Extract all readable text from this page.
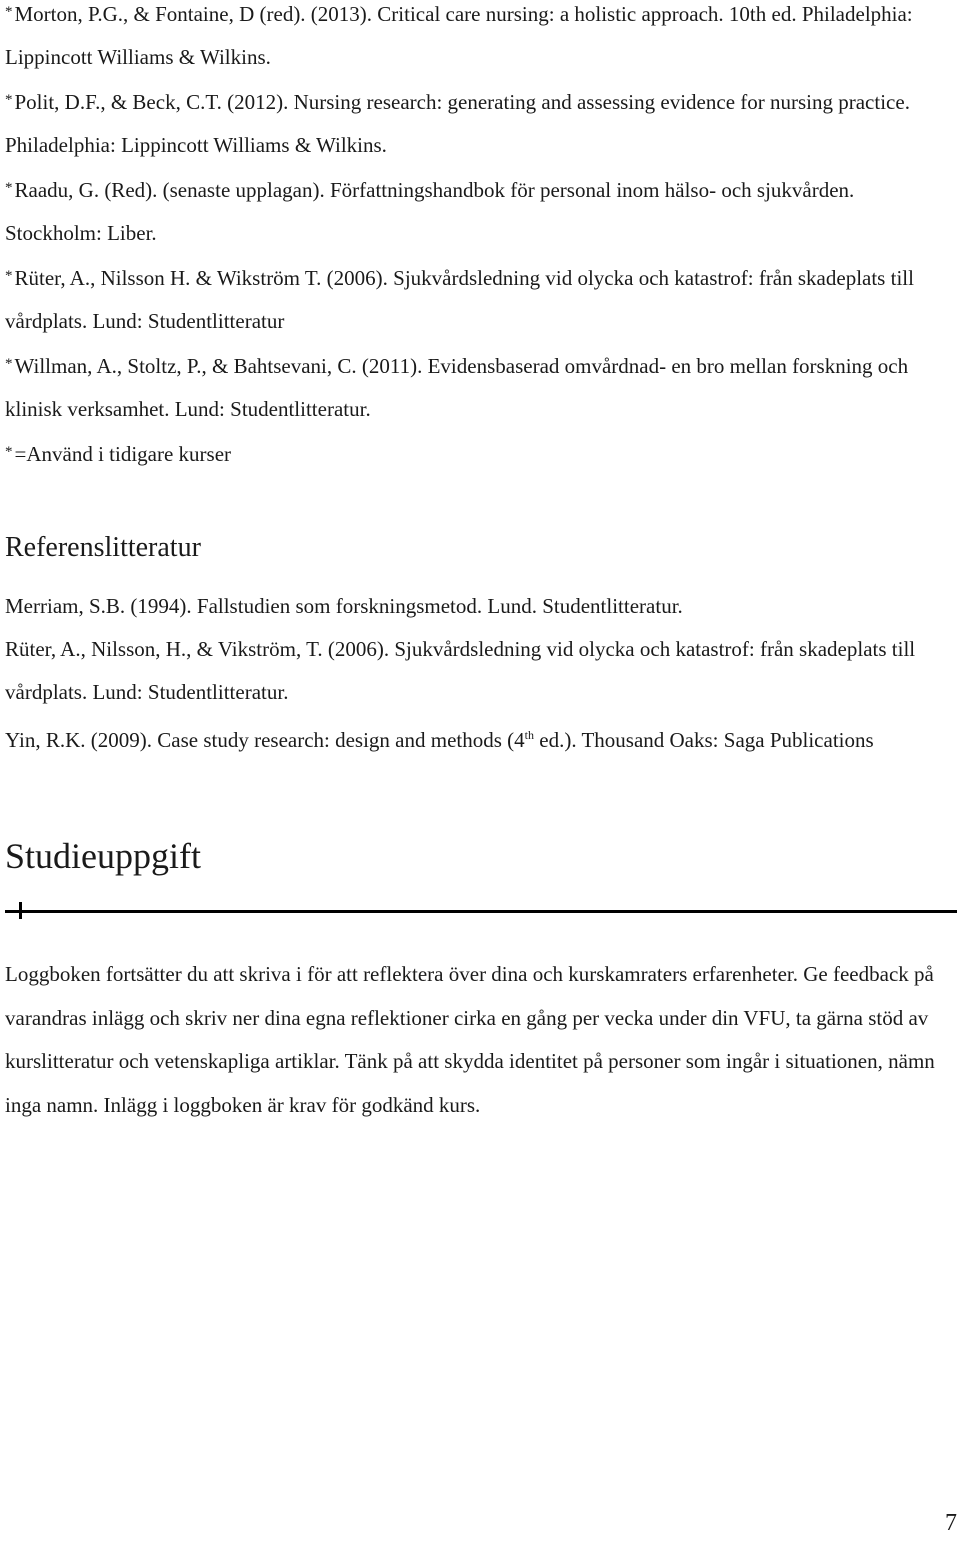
*Morton, P.G., & Fontaine, D (red). (2013). Critical care nursing: a holistic approach. 10th ed. Philadelphia: Lippincott Williams & Wilkins.

*Polit, D.F., & Beck, C.T. (2012). Nursing research: generating and assessing evidence for nursing practice. Philadelphia: Lippincott Williams & Wilkins.

*Raadu, G. (Red). (senaste upplagan). Författningshandbok för personal inom hälso- och sjukvården. Stockholm: Liber.

*Rüter, A., Nilsson H. & Wikström T. (2006). Sjukvårdsledning vid olycka och katastrof: från skadeplats till vårdplats. Lund: Studentlitteratur

*Willman, A., Stoltz, P., & Bahtsevani, C. (2011). Evidensbaserad omvårdnad- en bro mellan forskning och klinisk verksamhet. Lund: Studentlitteratur.

*=Använd i tidigare kurser

Referenslitteratur

Merriam, S.B. (1994). Fallstudien som forskningsmetod. Lund. Studentlitteratur.

Rüter, A., Nilsson, H., & Vikström, T. (2006). Sjukvårdsledning vid olycka och katastrof: från skadeplats till vårdplats. Lund: Studentlitteratur.

Yin, R.K. (2009). Case study research: design and methods (4th ed.). Thousand Oaks: Saga Publications

Studieuppgift

Loggboken fortsätter du att skriva i för att reflektera över dina och kurskamraters erfarenheter. Ge feedback på varandras inlägg och skriv ner dina egna reflektioner cirka en gång per vecka under din VFU, ta gärna stöd av kurslitteratur och vetenskapliga artiklar. Tänk på att skydda identitet på personer som ingår i situationen, nämn inga namn. Inlägg i loggboken är krav för godkänd kurs.

7
